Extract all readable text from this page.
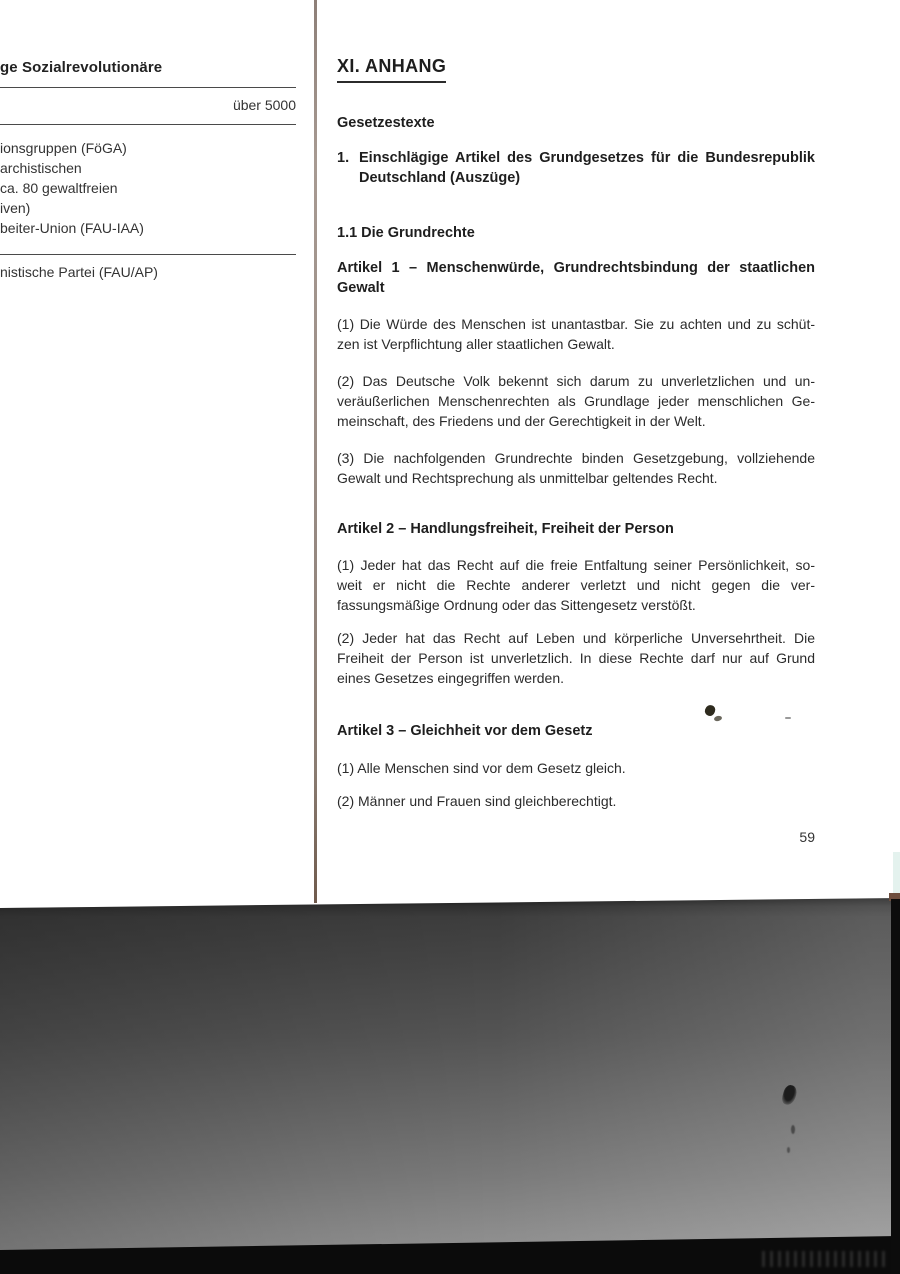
ge Sozialrevolutionäre
über 5000
ionsgruppen (FöGA)
archistischen
ca. 80 gewaltfreien
iven)
beiter-Union (FAU-IAA)
nistische Partei (FAU/AP)
XI. ANHANG
Gesetzestexte
1. Einschlägige Artikel des Grundgesetzes für die Bundesrepublik
Deutschland (Auszüge)
1.1 Die Grundrechte
Artikel 1 – Menschenwürde, Grundrechtsbindung der staatlichen
Gewalt
(1) Die Würde des Menschen ist unantastbar. Sie zu achten und zu schüt-
zen ist Verpflichtung aller staatlichen Gewalt.
(2) Das Deutsche Volk bekennt sich darum zu unverletzlichen und un-
veräußerlichen Menschenrechten als Grundlage jeder menschlichen Ge-
meinschaft, des Friedens und der Gerechtigkeit in der Welt.
(3) Die nachfolgenden Grundrechte binden Gesetzgebung, vollziehende
Gewalt und Rechtsprechung als unmittelbar geltendes Recht.
Artikel 2 – Handlungsfreiheit, Freiheit der Person
(1) Jeder hat das Recht auf die freie Entfaltung seiner Persönlichkeit, so-
weit er nicht die Rechte anderer verletzt und nicht gegen die ver-
fassungsmäßige Ordnung oder das Sittengesetz verstößt.
(2) Jeder hat das Recht auf Leben und körperliche Unversehrtheit. Die
Freiheit der Person ist unverletzlich. In diese Rechte darf nur auf Grund
eines Gesetzes eingegriffen werden.
Artikel 3 – Gleichheit vor dem Gesetz
(1) Alle Menschen sind vor dem Gesetz gleich.
(2) Männer und Frauen sind gleichberechtigt.
59
